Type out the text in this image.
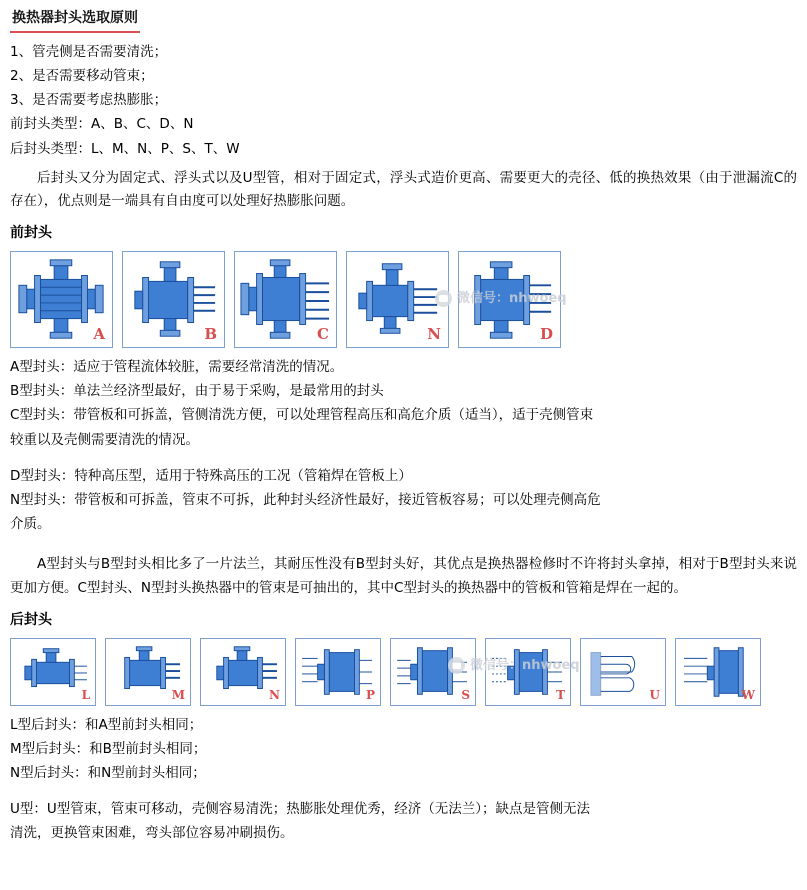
换热器封头选取原则
1、管壳侧是否需要清洗；
2、是否需要移动管束；
3、是否需要考虑热膨胀；
前封头类型：A、B、C、D、N
后封头类型：L、M、N、P、S、T、W
后封头又分为固定式、浮头式以及U型管，相对于固定式，浮头式造价更高、需要更大的壳径、低的换热效果（由于泄漏流C的存在），优点则是一端具有自由度可以处理好热膨胀问题。
前封头
A	B	C	N	D
微信号：nhwoeq
A型封头：适应于管程流体较脏，需要经常清洗的情况。
B型封头：单法兰经济型最好，由于易于采购，是最常用的封头
C型封头：带管板和可拆盖，管侧清洗方便，可以处理管程高压和高危介质（适当），适于壳侧管束
较重以及壳侧需要清洗的情况。
D型封头：特种高压型，适用于特殊高压的工况（管箱焊在管板上）
N型封头：带管板和可拆盖，管束不可拆，此种封头经济性最好，接近管板容易；可以处理壳侧高危
介质。
A型封头与B型封头相比多了一片法兰，其耐压性没有B型封头好，其优点是换热器检修时不许将封头拿掉，相对于B型封头来说更加方便。C型封头、N型封头换热器中的管束是可抽出的，其中C型封头的换热器中的管板和管箱是焊在一起的。
后封头
L	M	N	P	S	T	U	W
微信号：nhwoeq
L型后封头：和A型前封头相同；
M型后封头：和B型前封头相同；
N型后封头：和N型前封头相同；
U型：U型管束，管束可移动，壳侧容易清洗；热膨胀处理优秀，经济（无法兰）；缺点是管侧无法
清洗，更换管束困难，弯头部位容易冲刷损伤。
